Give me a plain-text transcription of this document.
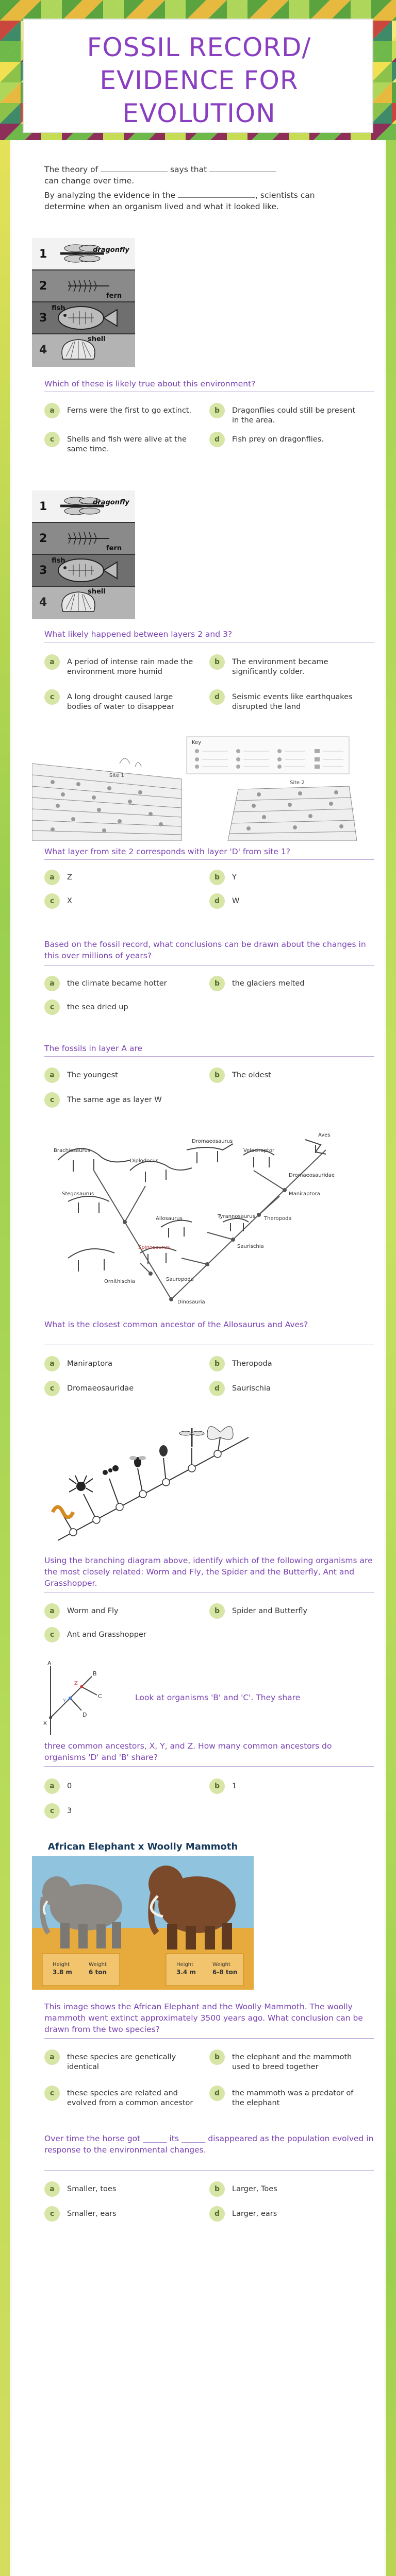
FOSSIL RECORD/
EVIDENCE FOR
EVOLUTION
The theory of	says that
can change over time.
By analyzing the evidence in the	, scientists can
determine when an organism lived and what it looked like.
1
2
3
4
dragonfly
fern
fish
shell
Which of these is likely true about this environment?
a	Ferns were the first to go extinct.	b	Dragonflies could still be present in the area.
c	Shells and fish were alive at the same time.
d	Fish prey on dragonflies.
1
2
3
4
dragonfly
fern
fish
shell
What likely happened between layers 2 and 3?
a	A period of intense rain made the environment more humid
b	The environment became significantly colder.
c	A long drought caused large bodies of water to disappear
d	Seismic events like earthquakes disrupted the land
Site 1
Key
Site 2
What layer from site 2 corresponds with layer 'D' from site 1?
a	Z	b	Y
c	X	d	W
Based on the fossil record, what conclusions can be drawn about the changes in this over millions of years?
a	the climate became hotter	b	the glaciers melted
c	the sea dried up
The fossils in layer A are
a	The youngest	b	The oldest
c	The same age as layer W
Brachiosaurus
Diplodocus
Stegosaurus
Dromaeosaurus
Aves
Allosaurus
Velociraptor
Tyrannosaurus
Spinosaurus
Sauropoda
Theropoda
Saurischia
Dinosauria
Ornithischia
Maniraptora
Dromaeosauridae
What is the closest common ancestor of the Allosaurus and Aves?
a	Maniraptora	b	Theropoda
c	Dromaeosauridae	d	Saurischia
Using the branching diagram above, identify which of the following organisms are the most closely related: Worm and Fly, the Spider and the Butterfly, Ant and Grasshopper.
a	Worm and Fly	b	Spider and Butterfly
c	Ant and Grasshopper
A
B
C
D
X
Y
Z
Look at organisms 'B' and 'C'. They share
three common ancestors, X, Y, and Z. How many common ancestors do organisms 'D' and 'B' share?
a	0	b	1
c	3
African Elephant x Woolly Mammoth
Height
3.8 m
Weight
6 ton
Height
3.4 m
Weight
6-8 ton
This image shows the African Elephant and the Woolly Mammoth. The woolly mammoth went extinct approximately 3500 years ago. What conclusion can be drawn from the two species?
a	these species are genetically identical
b	the elephant and the mammoth used to breed together
c	these species are related and evolved from a common ancestor
d	the mammoth was a predator of the elephant
Over time the horse got ______ its ______ disappeared as the population evolved in response to the environmental changes.
a	Smaller, toes	b	Larger, Toes
c	Smaller, ears	d	Larger, ears
